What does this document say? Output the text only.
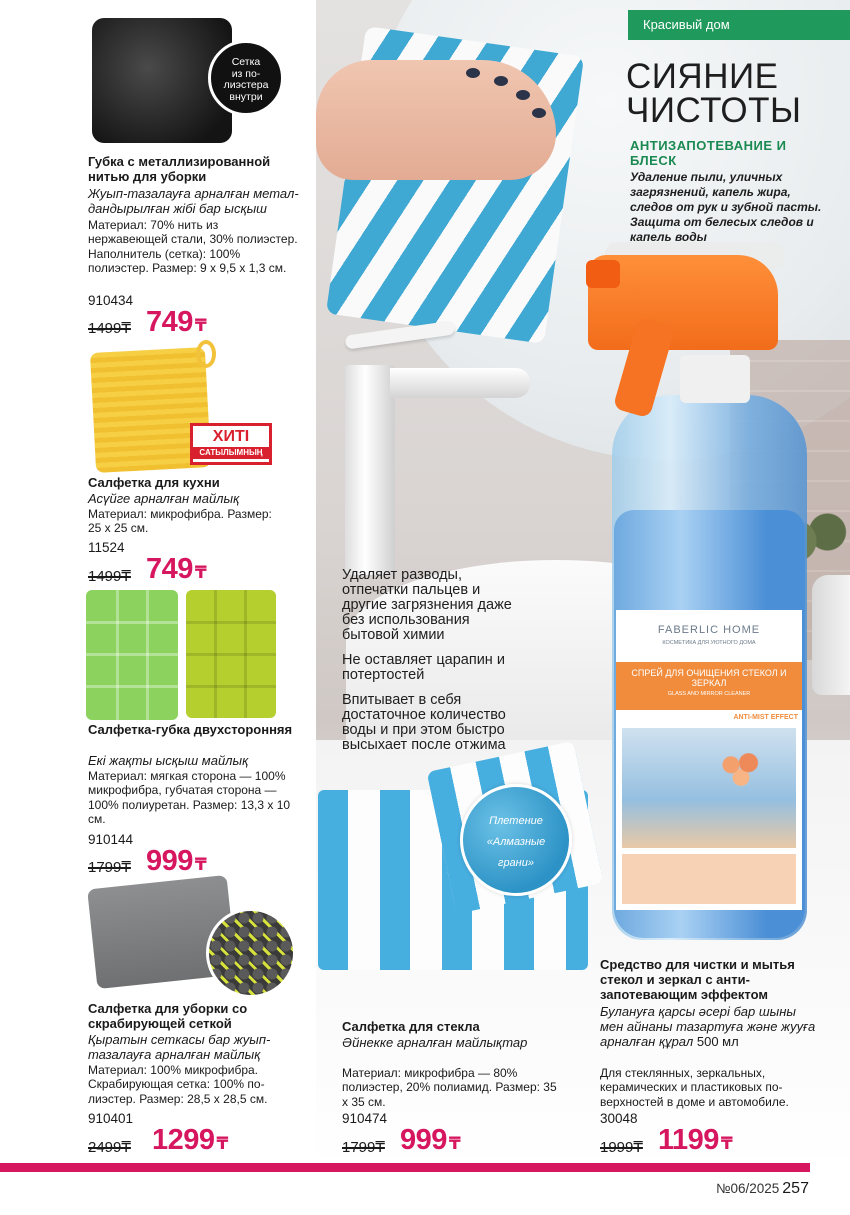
FABERLIC HOME
КОСМЕТИКА ДЛЯ УЮТНОГО ДОМА
СПРЕЙ ДЛЯ ОЧИЩЕНИЯ СТЕКОЛ И ЗЕРКАЛ
GLASS AND MIRROR CLEANER
ANTI-MIST EFFECT
Красивый дом
СИЯНИЕ
ЧИСТОТЫ
АНТИЗАПОТЕВАНИЕ И БЛЕСК
Удаление пыли, уличных загрязнений, капель жира, следов от рук и зубной пасты. Защита от белесых следов и капель воды

Удаляет разводы, отпечатки пальцев и другие загрязнения даже без использования бытовой химии

Не оставляет царапин и потертостей

Впитывает в себя достаточное количество воды и при этом быстро высыхает после отжима

Плетение
«Алмазные
грани»
Сетка
из по-
лиэстера
внутри
Губка с металлизированной нитью для уборки
Жуып-тазалауға арналған метал-дандырылған жібі бар ысқыш
Материал: 70% нить из нержавеющей стали, 30% полиэстер. Наполнитель (сетка): 100% полиэстер. Размер: 9 х 9,5 х 1,3 см.
910434
1499₸ 749 ₸
ХИТІ
САТЫЛЫМНЫҢ
Салфетка для кухни
Асүйге арналған майлық
Материал: микрофибра. Размер: 25 х 25 см.
11524
1499₸ 749 ₸
Салфетка-губка двухсторонняя
Екі жақты ысқыш майлық
Материал: мягкая сторона — 100% микрофибра, губчатая сторона — 100% полиуретан. Размер: 13,3 х 10 см.
910144
1799₸ 999 ₸
Салфетка для уборки со скрабирующей сеткой
Қыратын сеткасы бар жуып-тазалауға арналған майлық
Материал: 100% микрофибра. Скрабирующая сетка: 100% по-лиэстер. Размер: 28,5 х 28,5 см.
910401
2499₸ 1299 ₸
Салфетка для стекла
Әйнекке арналған майлықтар
Материал: микрофибра — 80% полиэстер, 20% полиамид. Размер: 35 х 35 см.
910474
1799₸ 999 ₸
Средство для чистки и мытья стекол и зеркал с анти-запотевающим эффектом
Булануға қарсы әсері бар шыны мен айнаны тазартуға және жууға арналған құрал 500 мл
Для стеклянных, зеркальных, керамических и пластиковых по-верхностей в доме и автомобиле.
30048
1999₸ 1199 ₸
№06/2025 257
